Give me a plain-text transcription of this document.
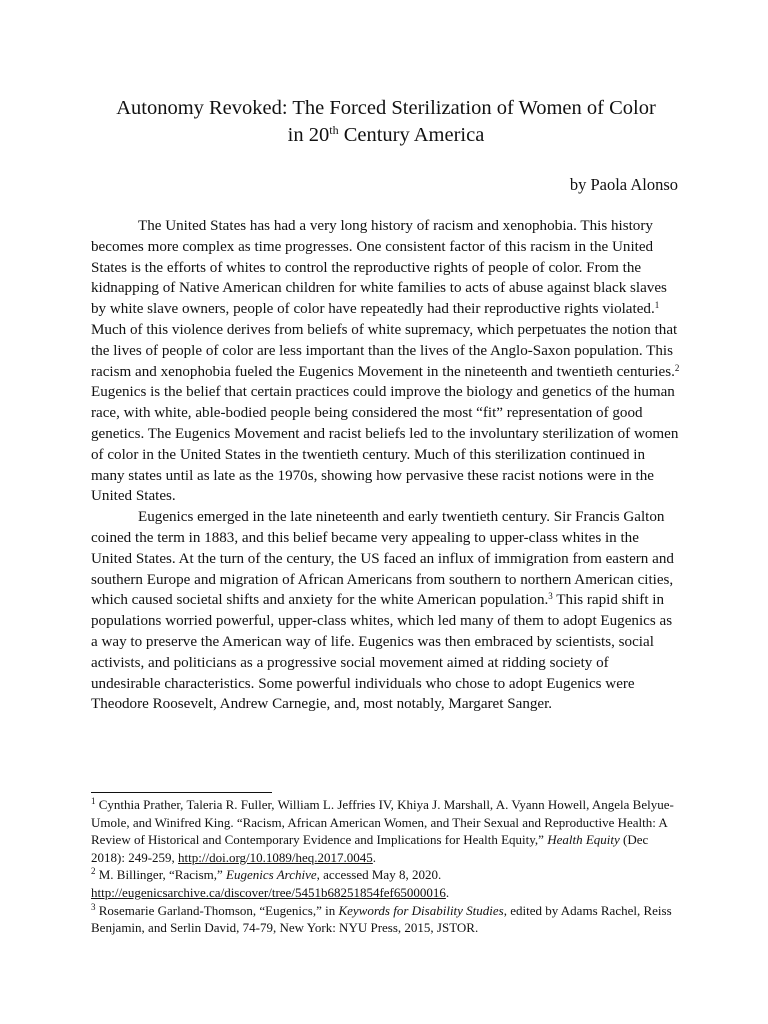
Autonomy Revoked: The Forced Sterilization of Women of Color
in 20th Century America
by Paola Alonso

The United States has had a very long history of racism and xenophobia. This history becomes more complex as time progresses. One consistent factor of this racism in the United States is the efforts of whites to control the reproductive rights of people of color. From the kidnapping of Native American children for white families to acts of abuse against black slaves by white slave owners, people of color have repeatedly had their reproductive rights violated.$^1$ Much of this violence derives from beliefs of white supremacy, which perpetuates the notion that the lives of people of color are less important than the lives of the Anglo-Saxon population. This racism and xenophobia fueled the Eugenics Movement in the nineteenth and twentieth centuries.$^2$ Eugenics is the belief that certain practices could improve the biology and genetics of the human race, with white, able-bodied people being considered the most “fit” representation of good genetics. The Eugenics Movement and racist beliefs led to the involuntary sterilization of women of color in the United States in the twentieth century. Much of this sterilization continued in many states until as late as the 1970s, showing how pervasive these racist notions were in the United States.

Eugenics emerged in the late nineteenth and early twentieth century. Sir Francis Galton coined the term in 1883, and this belief became very appealing to upper-class whites in the United States. At the turn of the century, the US faced an influx of immigration from eastern and southern Europe and migration of African Americans from southern to northern American cities, which caused societal shifts and anxiety for the white American population.$^3$ This rapid shift in populations worried powerful, upper-class whites, which led many of them to adopt Eugenics as a way to preserve the American way of life. Eugenics was then embraced by scientists, social activists, and politicians as a progressive social movement aimed at ridding society of undesirable characteristics. Some powerful individuals who chose to adopt Eugenics were Theodore Roosevelt, Andrew Carnegie, and, most notably, Margaret Sanger.

$^1$ Cynthia Prather, Taleria R. Fuller, William L. Jeffries IV, Khiya J. Marshall, A. Vyann Howell, Angela Belyue-Umole, and Winifred King. “Racism, African American Women, and Their Sexual and Reproductive Health: A Review of Historical and Contemporary Evidence and Implications for Health Equity,” Health Equity (Dec 2018): 249-259, http://doi.org/10.1089/heq.2017.0045.

$^2$ M. Billinger, “Racism,” Eugenics Archive, accessed May 8, 2020. http://eugenicsarchive.ca/discover/tree/5451b68251854fef65000016.

$^3$ Rosemarie Garland-Thomson, “Eugenics,” in Keywords for Disability Studies, edited by Adams Rachel, Reiss Benjamin, and Serlin David, 74-79, New York: NYU Press, 2015, JSTOR.
